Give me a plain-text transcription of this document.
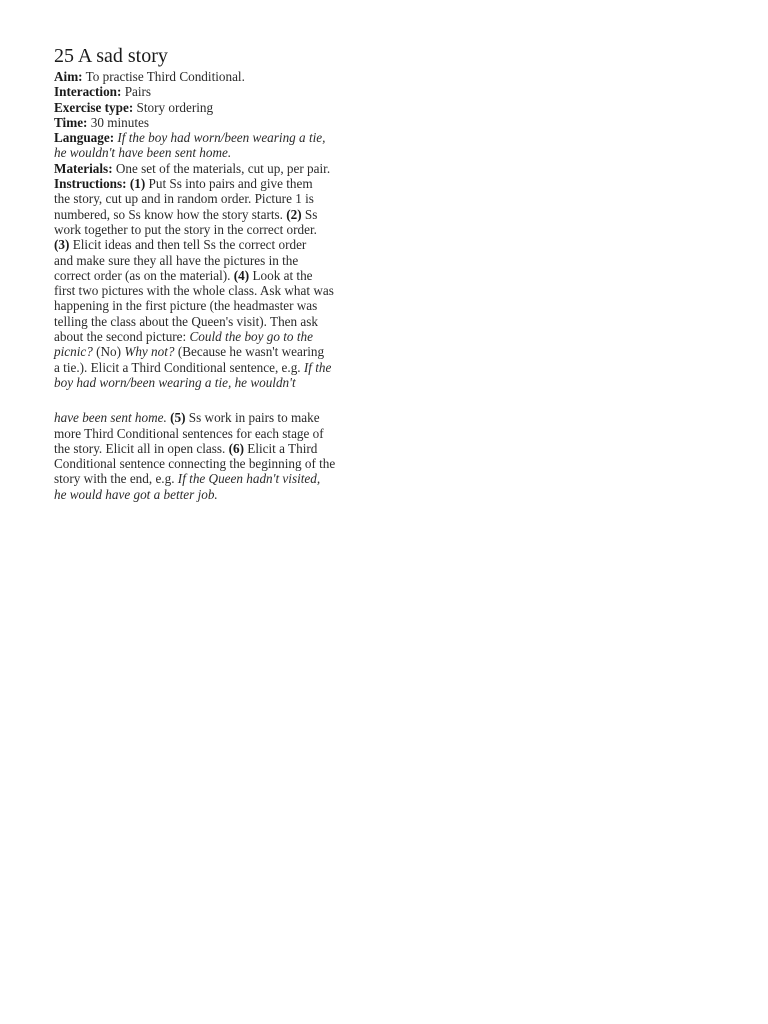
25 A sad story
Aim: To practise Third Conditional.
Interaction: Pairs
Exercise type: Story ordering
Time: 30 minutes
Language: If the boy had worn/been wearing a tie,
he wouldn't have been sent home.
Materials: One set of the materials, cut up, per pair.
Instructions: (1) Put Ss into pairs and give them
the story, cut up and in random order. Picture 1 is
numbered, so Ss know how the story starts. (2) Ss
work together to put the story in the correct order.
(3) Elicit ideas and then tell Ss the correct order
and make sure they all have the pictures in the
correct order (as on the material). (4) Look at the
first two pictures with the whole class. Ask what was
happening in the first picture (the headmaster was
telling the class about the Queen's visit). Then ask
about the second picture: Could the boy go to the
picnic? (No) Why not? (Because he wasn't wearing
a tie.). Elicit a Third Conditional sentence, e.g. If the
boy had worn/been wearing a tie, he wouldn't
have been sent home. (5) Ss work in pairs to make
more Third Conditional sentences for each stage of
the story. Elicit all in open class. (6) Elicit a Third
Conditional sentence connecting the beginning of the
story with the end, e.g. If the Queen hadn't visited,
he would have got a better job.
